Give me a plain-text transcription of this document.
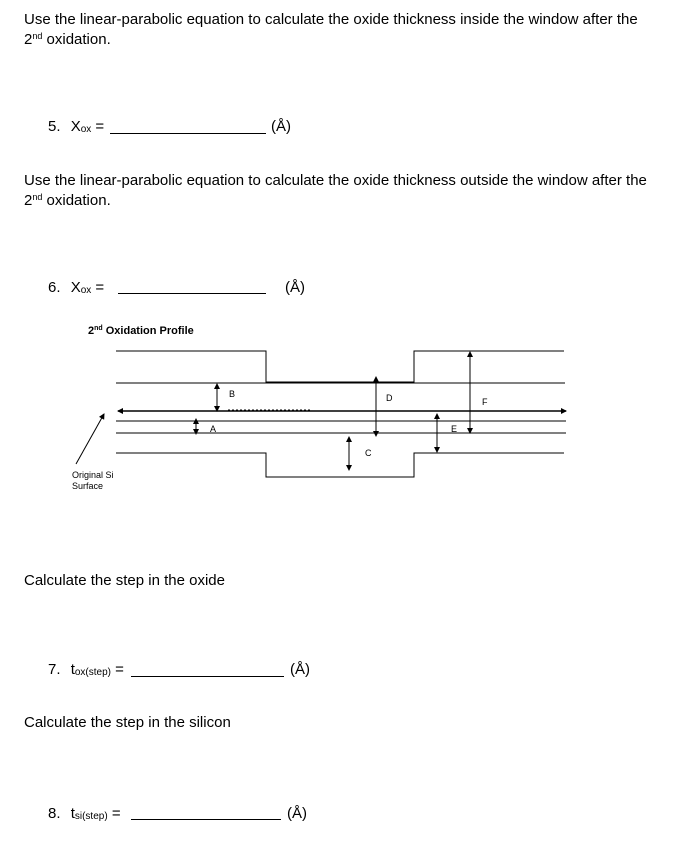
Use the linear-parabolic equation to calculate the oxide thickness inside the window after the
2nd oxidation.
5. $X_{ox}$ =	(Å)
Use the linear-parabolic equation to calculate the oxide thickness outside the window after the
2nd oxidation.
6. $X_{ox}$ =	(Å)
2nd Oxidation Profile
A
B
C
D
E
F
Original Si
Surface
Calculate the step in the oxide
7. $t_{ox(step)}$ =	(Å)
Calculate the step in the silicon
8. $t_{si(step)}$ =	(Å)
